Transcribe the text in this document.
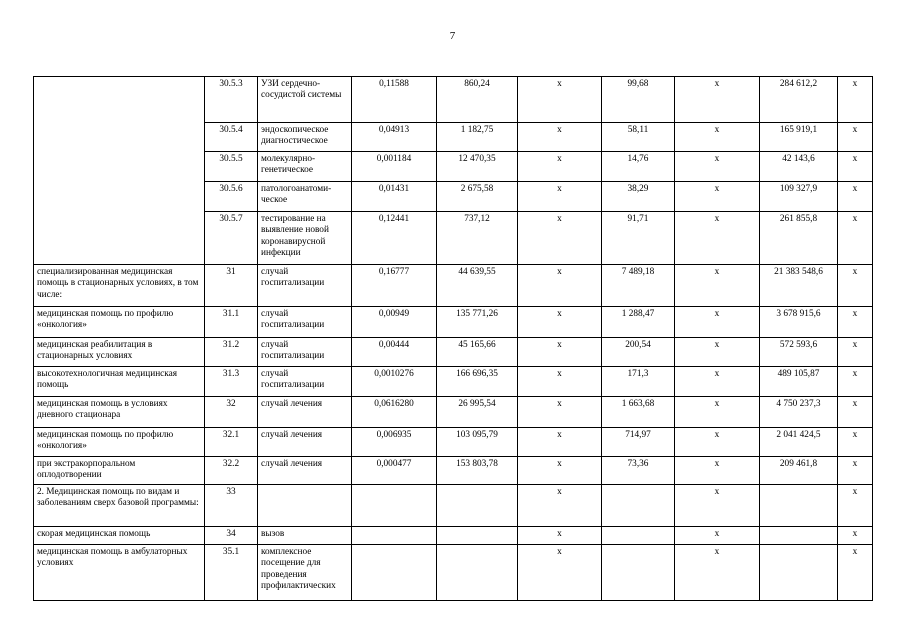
7
	30.5.3	УЗИ сердечно-сосудистой системы	0,11588	860,24	х	99,68	х	284 612,2	х
	30.5.4	эндоскопическое диагностическое	0,04913	1 182,75	х	58,11	х	165 919,1	х
	30.5.5	молекулярно-генетическое	0,001184	12 470,35	х	14,76	х	42 143,6	х
	30.5.6	патологоанатоми-ческое	0,01431	2 675,58	х	38,29	х	109 327,9	х
	30.5.7	тестирование на выявление новой коронавирусной инфекции	0,12441	737,12	х	91,71	х	261 855,8	х
специализированная медицинская помощь в стационарных условиях, в том числе:	31	случай госпитализации	0,16777	44 639,55	х	7 489,18	х	21 383 548,6	х
медицинская помощь по профилю «онкология»	31.1	случай госпитализации	0,00949	135 771,26	х	1 288,47	х	3 678 915,6	х
медицинская реабилитация в стационарных условиях	31.2	случай госпитализации	0,00444	45 165,66	х	200,54	х	572 593,6	х
высокотехнологичная медицинская помощь	31.3	случай госпитализации	0,0010276	166 696,35	х	171,3	х	489 105,87	х
медицинская помощь в условиях дневного стационара	32	случай лечения	0,0616280	26 995,54	х	1 663,68	х	4 750 237,3	х
медицинская помощь по профилю «онкология»	32.1	случай лечения	0,006935	103 095,79	х	714,97	х	2 041 424,5	х
при экстракорпоральном оплодотворении	32.2	случай лечения	0,000477	153 803,78	х	73,36	х	209 461,8	х
2. Медицинская помощь по видам и заболеваниям сверх базовой программы:	33				х		х		х
скорая медицинская помощь	34	вызов			х		х		х
медицинская помощь в амбулаторных условиях	35.1	комплексное посещение для проведения профилактических			х		х		х
